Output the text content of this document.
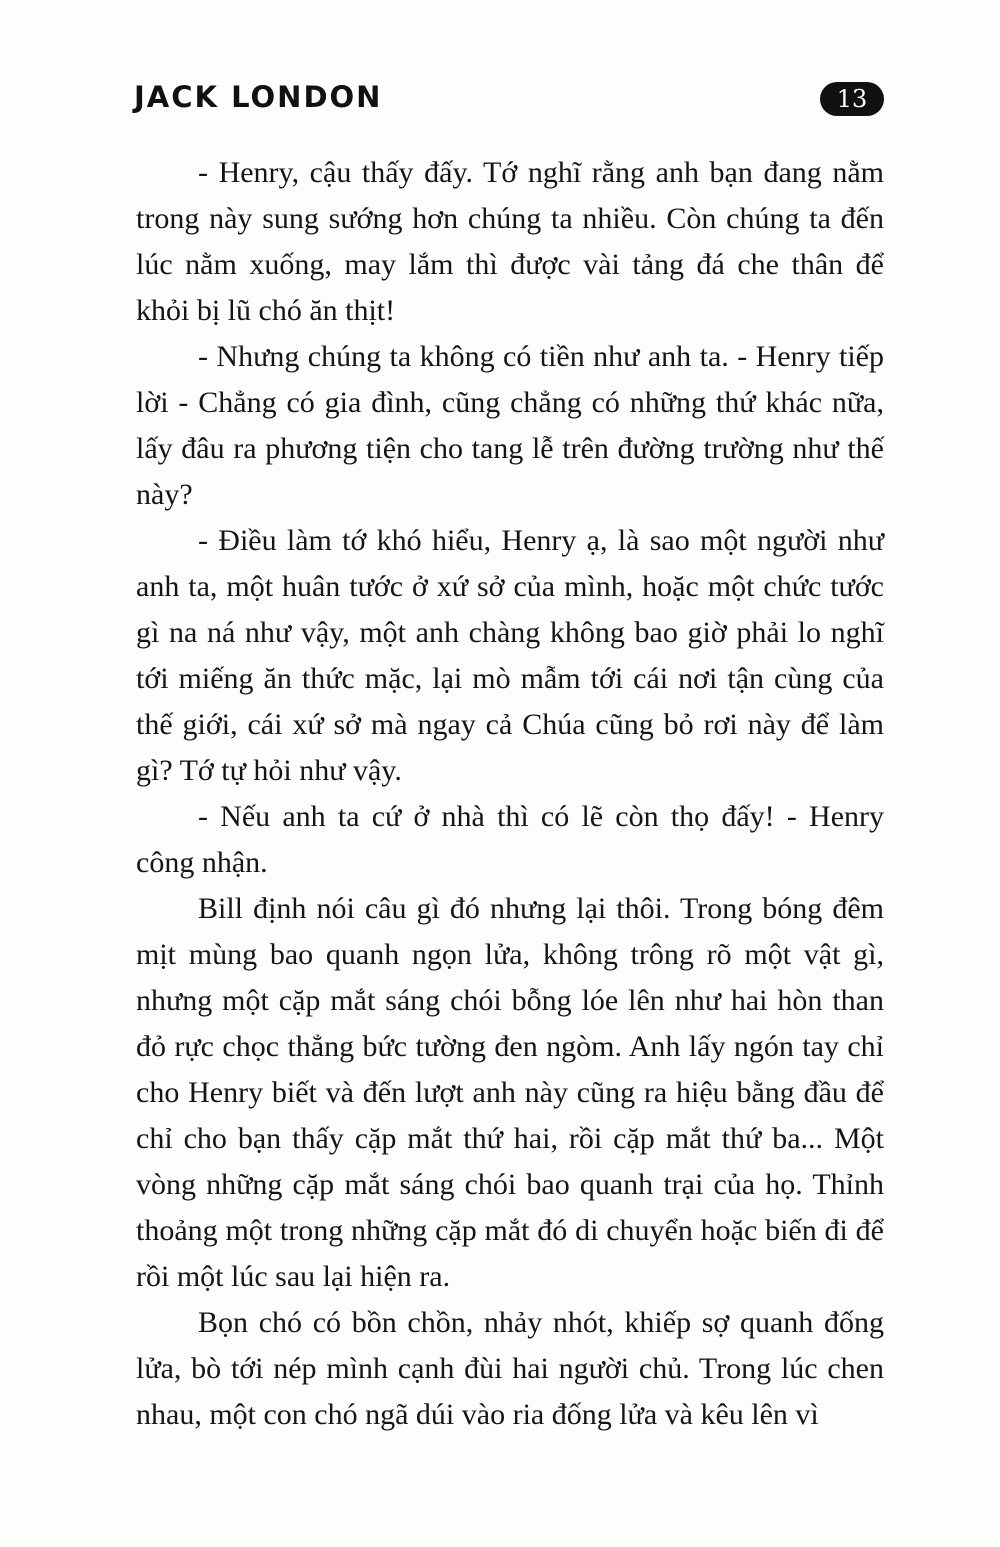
JACK LONDON	13

- Henry, cậu thấy đấy. Tớ nghĩ rằng anh bạn đang nằm trong này sung sướng hơn chúng ta nhiều. Còn chúng ta đến lúc nằm xuống, may lắm thì được vài tảng đá che thân để khỏi bị lũ chó ăn thịt!

- Nhưng chúng ta không có tiền như anh ta. - Henry tiếp lời - Chẳng có gia đình, cũng chẳng có những thứ khác nữa, lấy đâu ra phương tiện cho tang lễ trên đường trường như thế này?

- Điều làm tớ khó hiểu, Henry ạ, là sao một người như anh ta, một huân tước ở xứ sở của mình, hoặc một chức tước gì na ná như vậy, một anh chàng không bao giờ phải lo nghĩ tới miếng ăn thức mặc, lại mò mẫm tới cái nơi tận cùng của thế giới, cái xứ sở mà ngay cả Chúa cũng bỏ rơi này để làm gì? Tớ tự hỏi như vậy.

- Nếu anh ta cứ ở nhà thì có lẽ còn thọ đấy! - Henry công nhận.

Bill định nói câu gì đó nhưng lại thôi. Trong bóng đêm mịt mùng bao quanh ngọn lửa, không trông rõ một vật gì, nhưng một cặp mắt sáng chói bỗng lóe lên như hai hòn than đỏ rực chọc thẳng bức tường đen ngòm. Anh lấy ngón tay chỉ cho Henry biết và đến lượt anh này cũng ra hiệu bằng đầu để chỉ cho bạn thấy cặp mắt thứ hai, rồi cặp mắt thứ ba... Một vòng những cặp mắt sáng chói bao quanh trại của họ. Thỉnh thoảng một trong những cặp mắt đó di chuyển hoặc biến đi để rồi một lúc sau lại hiện ra.

Bọn chó có bồn chồn, nhảy nhót, khiếp sợ quanh đống lửa, bò tới nép mình cạnh đùi hai người chủ. Trong lúc chen nhau, một con chó ngã dúi vào ria đống lửa và kêu lên vì
